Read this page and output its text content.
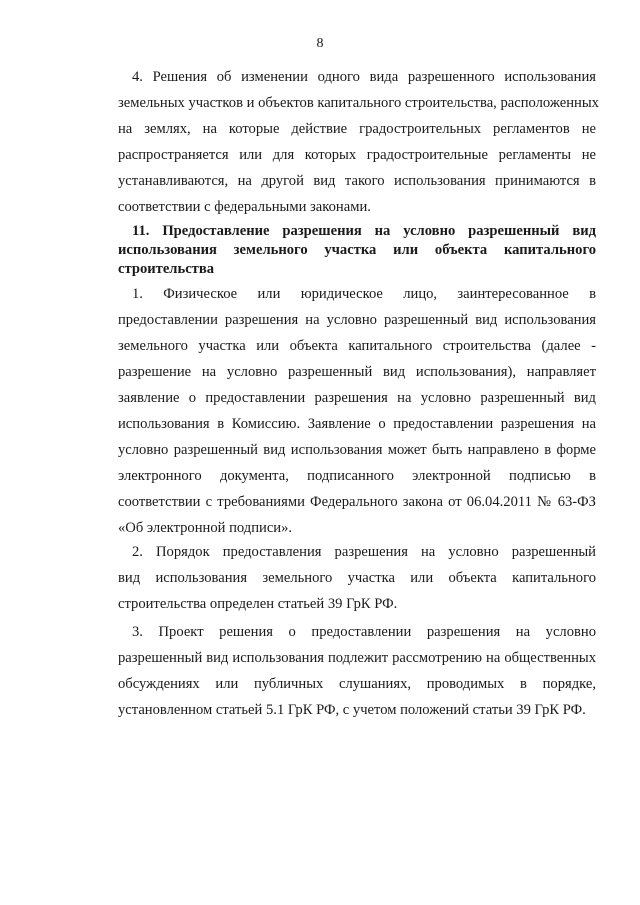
8
4. Решения об изменении одного вида разрешенного использования
земельных участков и объектов капитального строительства, расположенных
на землях, на которые действие градостроительных регламентов не
распространяется или для которых градостроительные регламенты не
устанавливаются, на другой вид такого использования принимаются в
соответствии с федеральными законами.
11. Предоставление разрешения на условно разрешенный вид
использования земельного участка или объекта капитального
строительства
1. Физическое или юридическое лицо, заинтересованное в
предоставлении разрешения на условно разрешенный вид использования
земельного участка или объекта капитального строительства (далее -
разрешение на условно разрешенный вид использования), направляет
заявление о предоставлении разрешения на условно разрешенный вид
использования в Комиссию. Заявление о предоставлении разрешения на
условно разрешенный вид использования может быть направлено в форме
электронного документа, подписанного электронной подписью в
соответствии с требованиями Федерального закона от 06.04.2011 № 63-ФЗ
«Об электронной подписи».
2. Порядок предоставления разрешения на условно разрешенный
вид использования земельного участка или объекта капитального
строительства определен статьей 39 ГрК РФ.
3. Проект решения о предоставлении разрешения на условно
разрешенный вид использования подлежит рассмотрению на общественных
обсуждениях или публичных слушаниях, проводимых в порядке,
установленном статьей 5.1 ГрК РФ, с учетом положений статьи 39 ГрК РФ.
